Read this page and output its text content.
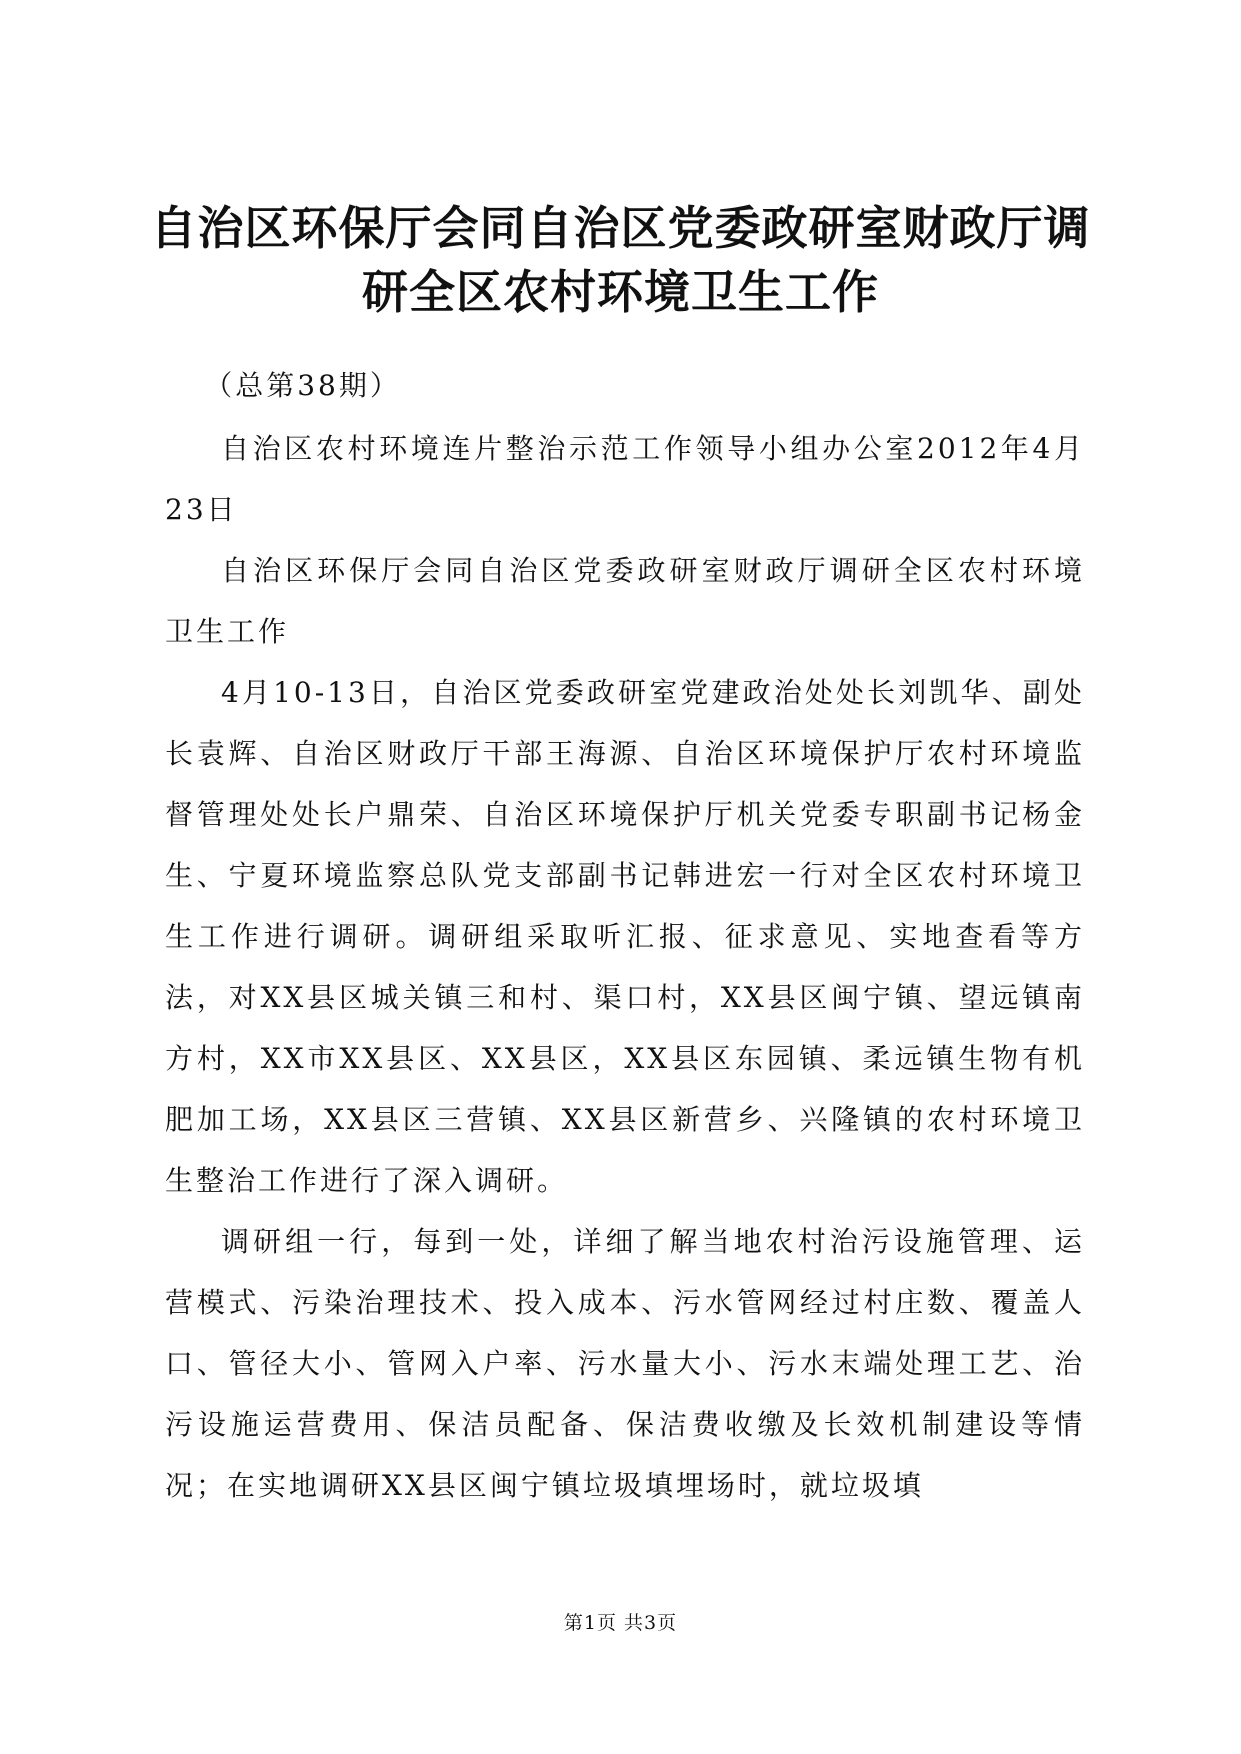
自治区环保厅会同自治区党委政研室财政厅调
研全区农村环境卫生工作

（总第38期）

自治区农村环境连片整治示范工作领导小组办公室2012年4月23日

自治区环保厅会同自治区党委政研室财政厅调研全区农村环境卫生工作

4月10-13日，自治区党委政研室党建政治处处长刘凯华、副处长袁辉、自治区财政厅干部王海源、自治区环境保护厅农村环境监督管理处处长户鼎荣、自治区环境保护厅机关党委专职副书记杨金生、宁夏环境监察总队党支部副书记韩进宏一行对全区农村环境卫生工作进行调研。调研组采取听汇报、征求意见、实地查看等方法，对XX县区城关镇三和村、渠口村，XX县区闽宁镇、望远镇南方村，XX市XX县区、XX县区，XX县区东园镇、柔远镇生物有机肥加工场，XX县区三营镇、XX县区新营乡、兴隆镇的农村环境卫生整治工作进行了深入调研。

调研组一行，每到一处，详细了解当地农村治污设施管理、运营模式、污染治理技术、投入成本、污水管网经过村庄数、覆盖人口、管径大小、管网入户率、污水量大小、污水末端处理工艺、治污设施运营费用、保洁员配备、保洁费收缴及长效机制建设等情况；在实地调研XX县区闽宁镇垃圾填埋场时，就垃圾填

第1页 共3页
